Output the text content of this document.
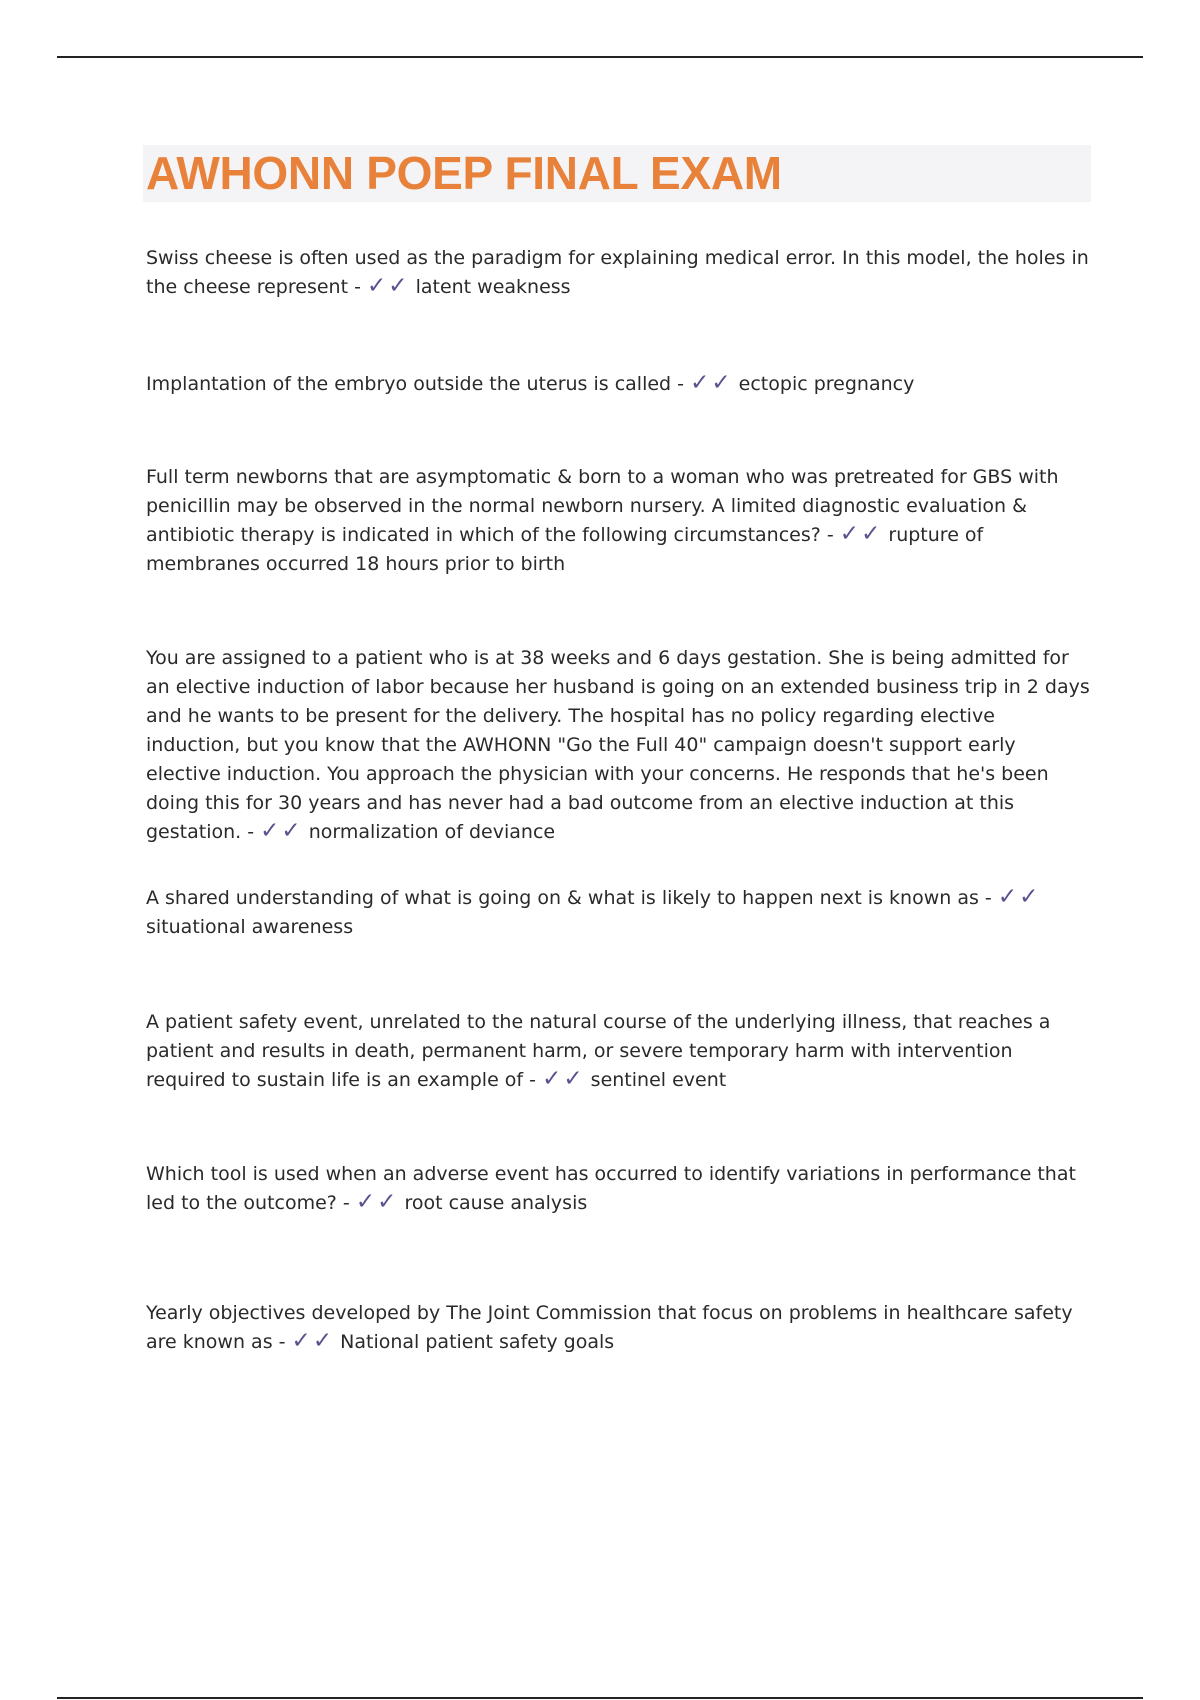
AWHONN POEP FINAL EXAM

Swiss cheese is often used as the paradigm for explaining medical error. In this model, the holes in the cheese represent - ✓✓ latent weakness

Implantation of the embryo outside the uterus is called - ✓✓ ectopic pregnancy

Full term newborns that are asymptomatic & born to a woman who was pretreated for GBS with penicillin may be observed in the normal newborn nursery. A limited diagnostic evaluation & antibiotic therapy is indicated in which of the following circumstances? - ✓✓ rupture of membranes occurred 18 hours prior to birth

You are assigned to a patient who is at 38 weeks and 6 days gestation. She is being admitted for an elective induction of labor because her husband is going on an extended business trip in 2 days and he wants to be present for the delivery. The hospital has no policy regarding elective induction, but you know that the AWHONN "Go the Full 40" campaign doesn't support early elective induction. You approach the physician with your concerns. He responds that he's been doing this for 30 years and has never had a bad outcome from an elective induction at this gestation. - ✓✓ normalization of deviance

A shared understanding of what is going on & what is likely to happen next is known as - ✓✓ situational awareness

A patient safety event, unrelated to the natural course of the underlying illness, that reaches a patient and results in death, permanent harm, or severe temporary harm with intervention required to sustain life is an example of - ✓✓ sentinel event

Which tool is used when an adverse event has occurred to identify variations in performance that led to the outcome? - ✓✓ root cause analysis

Yearly objectives developed by The Joint Commission that focus on problems in healthcare safety are known as - ✓✓ National patient safety goals
